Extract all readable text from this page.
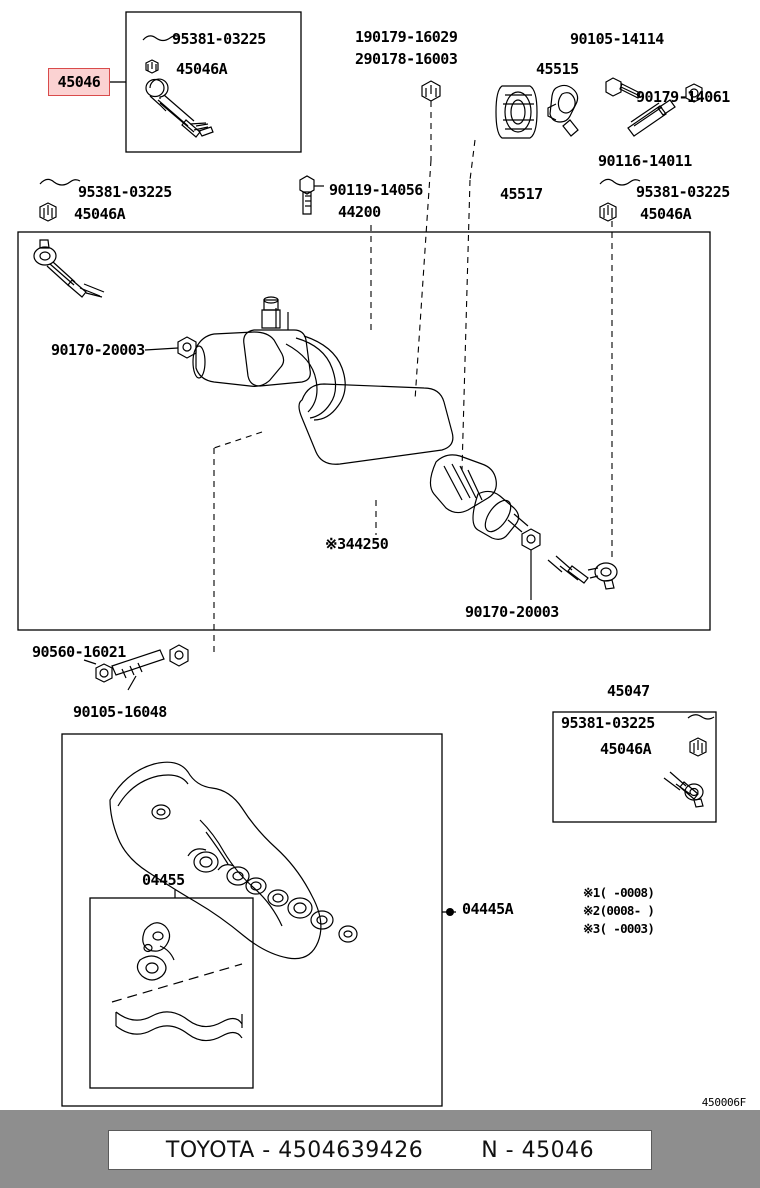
45046
95381-03225
45046A
190179-16029
290178-16003
90105-14114
45515
90179-14061
90116-14011
45517
95381-03225
45046A
90119-14056
44200
95381-03225
45046A
90170-20003
※344250
90170-20003
90560-16021
90105-16048
45047
95381-03225
45046A
04455
04445A
※1( -0008)
※2(0008- )
※3( -0003)
450006F
TOYOTA - 4504639426	N - 45046
